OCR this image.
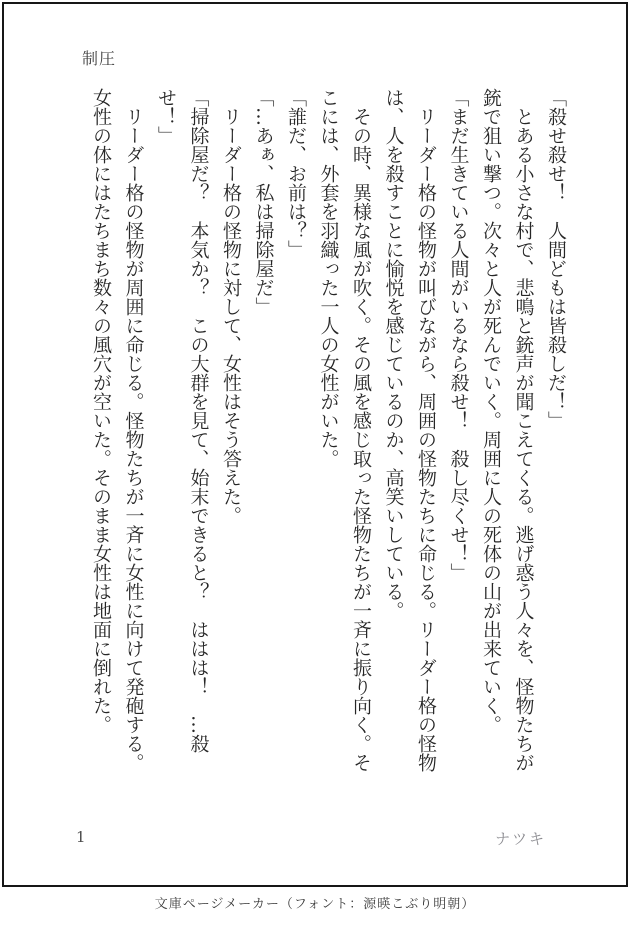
制圧

「殺せ殺せ！　人間どもは皆殺しだ！」

　とある小さな村で、悲鳴と銃声が聞こえてくる。逃げ惑う人々を、怪物たちが銃で狙い撃つ。次々と人が死んでいく。周囲に人の死体の山が出来ていく。

「まだ生きている人間がいるなら殺せ！　殺し尽くせ！」

　リーダー格の怪物が叫びながら、周囲の怪物たちに命じる。リーダー格の怪物は、人を殺すことに愉悦を感じているのか、高笑いしている。

　その時、異様な風が吹く。その風を感じ取った怪物たちが一斉に振り向く。そこには、外套を羽織った一人の女性がいた。

「誰だ、お前は？」

「…あぁ、私は掃除屋だ」

　リーダー格の怪物に対して、女性はそう答えた。

「掃除屋だ？　本気か？　この大群を見て、始末できると？　ははは！　…殺せ！」

　リーダー格の怪物が周囲に命じる。怪物たちが一斉に女性に向けて発砲する。女性の体にはたちまち数々の風穴が空いた。そのまま女性は地面に倒れた。

1	ナツキ
文庫ページメーカー（フォント：源暎こぶり明朝）
